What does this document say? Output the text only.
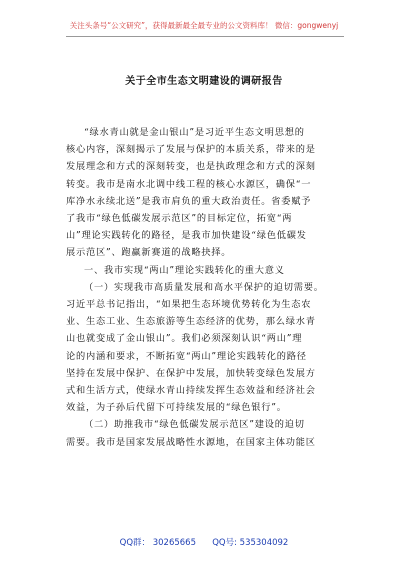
关注头条号“公文研究”，获得最新最全最专业的公文资料库！ 微信：gongwenyj
关于全市生态文明建设的调研报告

“绿水青山就是金山银山”是习近平生态文明思想的

核心内容，深刻揭示了发展与保护的本质关系，带来的是

发展理念和方式的深刻转变，也是执政理念和方式的深刻

转变。我市是南水北调中线工程的核心水源区，确保“一

库净水永续北送”是我市肩负的重大政治责任。省委赋予

了我市“绿色低碳发展示范区”的目标定位，拓宽“两

山”理论实践转化的路径，是我市加快建设“绿色低碳发

展示范区”、跑赢新赛道的战略抉择。

一、我市实现“两山”理论实践转化的重大意义

（一）实现我市高质量发展和高水平保护的迫切需要。

习近平总书记指出，“如果把生态环境优势转化为生态农

业、生态工业、生态旅游等生态经济的优势，那么绿水青

山也就变成了金山银山”。我们必须深刻认识“两山”理

论的内涵和要求，不断拓宽“两山”理论实践转化的路径

坚持在发展中保护、在保护中发展，加快转变绿色发展方

式和生活方式，使绿水青山持续发挥生态效益和经济社会

效益，为子孙后代留下可持续发展的“绿色银行”。

（二）助推我市“绿色低碳发展示范区”建设的迫切

需要。我市是国家发展战略性水源地，在国家主体功能区

QQ群： 30265665 QQ号: 535304092
